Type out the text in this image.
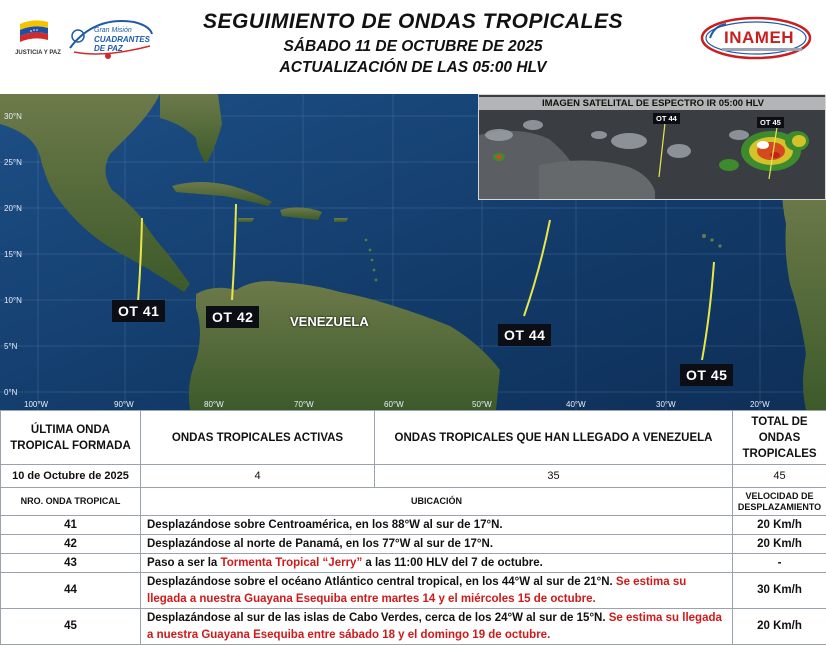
JUSTICIA Y PAZ
Gran Misión
CUADRANTES DE PAZ
SEGUIMIENTO DE ONDAS TROPICALES
SÁBADO 11 DE OCTUBRE DE 2025
ACTUALIZACIÓN DE LAS 05:00 HLV
INAMEH
30°N
25°N
20°N
15°N
10°N
5°N
0°N
100°W	90°W	80°W	70°W	60°W	50°W	40°W	30°W	20°W
VENEZUELA
OT 41	OT 42
OT 44
OT 45
IMAGEN SATELITAL DE ESPECTRO IR 05:00 HLV
OT 44	OT 45
ÚLTIMA ONDA TROPICAL FORMADA	ONDAS TROPICALES ACTIVAS	ONDAS TROPICALES QUE HAN LLEGADO A VENEZUELA	TOTAL DE ONDAS TROPICALES
10 de Octubre de 2025	4	35	45
NRO. ONDA TROPICAL	UBICACIÓN		VELOCIDAD DE DESPLAZAMIENTO
41	Desplazándose sobre Centroamérica, en los 88°W al sur de 17°N.		20 Km/h
42	Desplazándose al norte de Panamá, en los 77°W al sur de 17°N.		20 Km/h
43	Paso a ser la Tormenta Tropical “Jerry” a las 11:00 HLV del 7 de octubre.		-
44	Desplazándose sobre el océano Atlántico central tropical, en los 44°W al sur de 21°N. Se estima su llegada a nuestra Guayana Esequiba entre martes 14 y el miércoles 15 de octubre.		30 Km/h
45	Desplazándose al sur de las islas de Cabo Verdes, cerca de los 24°W al sur de 15°N. Se estima su llegada a nuestra Guayana Esequiba entre sábado 18 y el domingo 19 de octubre.		20 Km/h
